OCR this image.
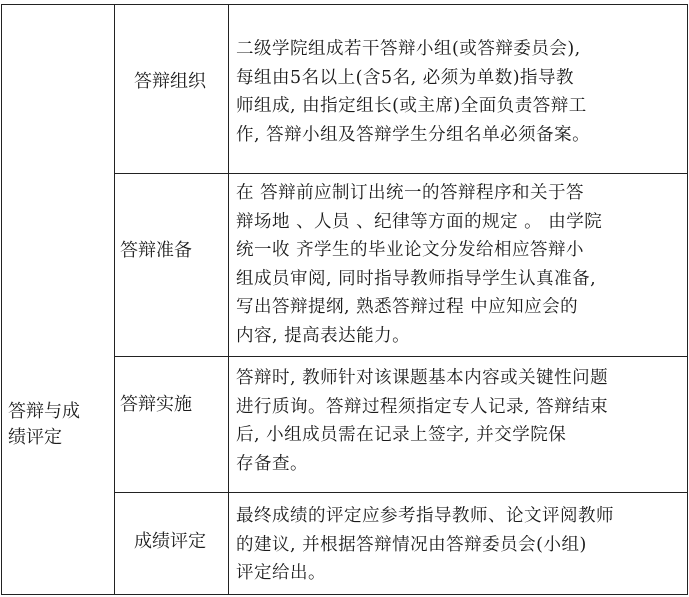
答辩与成
绩评定
答辩组织
二级学院组成若干答辩小组(或答辩委员会),
每组由5名以上(含5名, 必须为单数)指导教
师组成, 由指定组长(或主席)全面负责答辩工
作, 答辩小组及答辩学生分组名单必须备案。
答辩准备
在 答辩前应制订出统一的答辩程序和关于答
辩场地 、人员 、纪律等方面的规定 。 由学院
统一收 齐学生的毕业论文分发给相应答辩小
组成员审阅, 同时指导教师指导学生认真准备,
写出答辩提纲, 熟悉答辩过程 中应知应会的
内容, 提高表达能力。
答辩实施
答辩时, 教师针对该课题基本内容或关键性问题
进行质询。答辩过程须指定专人记录, 答辩结束
后, 小组成员需在记录上签字, 并交学院保
存备查。
成绩评定
最终成绩的评定应参考指导教师、论文评阅教师
的建议, 并根据答辩情况由答辩委员会(小组)
评定给出。
